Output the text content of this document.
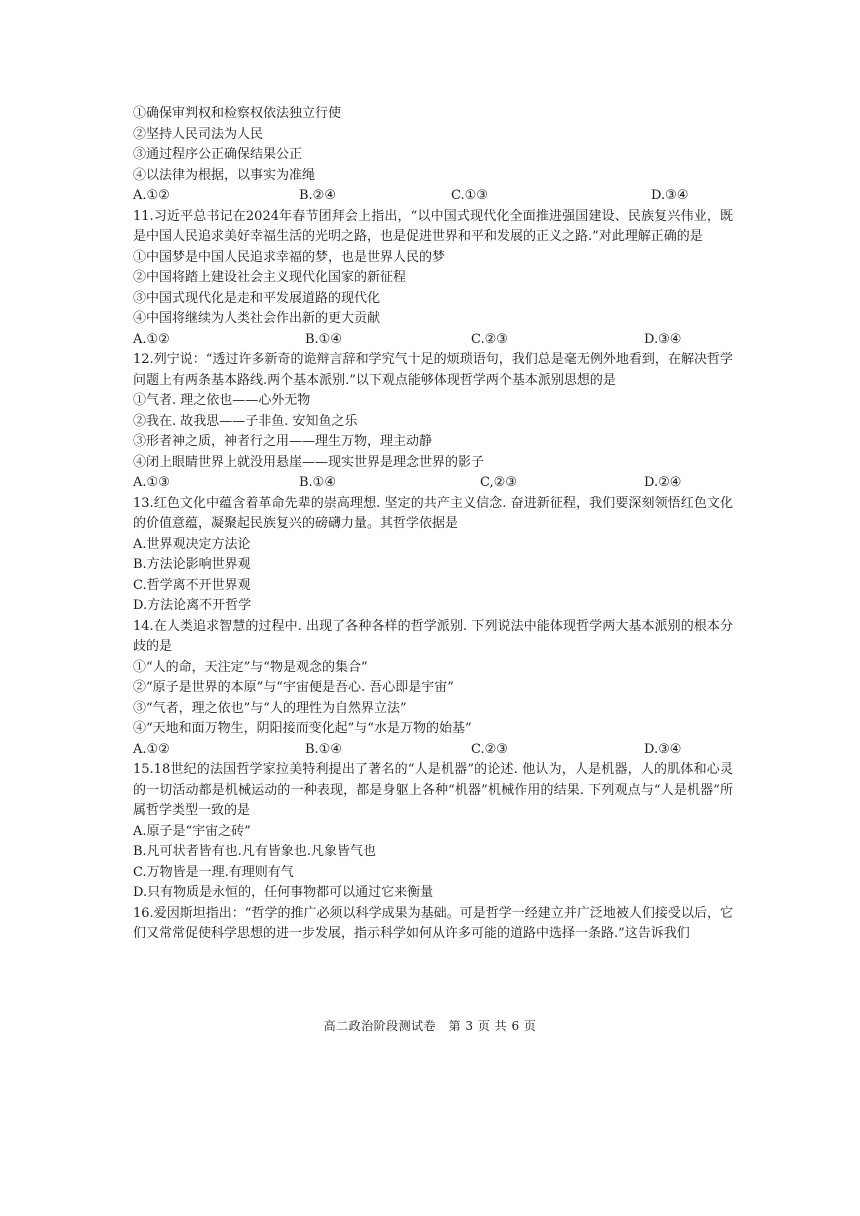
①确保审判权和检察权依法独立行使
②坚持人民司法为人民
③通过程序公正确保结果公正
④以法律为根据，以事实为准绳
A.①②	B.②④	C.①③	D.③④
11.习近平总书记在2024年春节团拜会上指出，“以中国式现代化全面推进强国建设、民族复兴伟业，既是中国人民追求美好幸福生活的光明之路，也是促进世界和平和发展的正义之路.”对此理解正确的是
①中国梦是中国人民追求幸福的梦，也是世界人民的梦
②中国将踏上建设社会主义现代化国家的新征程
③中国式现代化是走和平发展道路的现代化
④中国将继续为人类社会作出新的更大贡献
A.①②	B.①④	C.②③	D.③④
12.列宁说：“透过许多新奇的诡辩言辞和学究气十足的烦琐语句，我们总是毫无例外地看到，在解决哲学问题上有两条基本路线.两个基本派别.”以下观点能够体现哲学两个基本派别思想的是
①气者. 理之依也——心外无物
②我在. 故我思——子非鱼. 安知鱼之乐
③形者神之质，神者行之用——理生万物，理主动静
④闭上眼睛世界上就没用悬崖——现实世界是理念世界的影子
A.①③	B.①④	C,②③	D.②④
13.红色文化中蕴含着革命先辈的崇高理想. 坚定的共产主义信念. 奋进新征程，我们要深刻领悟红色文化的价值意蕴，凝聚起民族复兴的磅礴力量。其哲学依据是
A.世界观决定方法论
B.方法论影响世界观
C.哲学离不开世界观
D.方法论离不开哲学
14.在人类追求智慧的过程中. 出现了各种各样的哲学派别. 下列说法中能体现哲学两大基本派别的根本分歧的是
①“人的命，天注定”与“物是观念的集合”
②“原子是世界的本原”与“宇宙便是吾心. 吾心即是宇宙”
③“气者，理之依也”与“人的理性为自然界立法”
④“天地和面万物生，阴阳接而变化起”与“水是万物的始基”
A.①②	B.①④	C.②③	D.③④
15.18世纪的法国哲学家拉美特利提出了著名的“人是机器”的论述. 他认为，人是机器，人的肌体和心灵的一切活动都是机械运动的一种表现，都是身躯上各种“机器”机械作用的结果. 下列观点与“人是机器”所属哲学类型一致的是
A.原子是“宇宙之砖”
B.凡可状者皆有也.凡有皆象也.凡象皆气也
C.万物皆是一理.有理则有气
D.只有物质是永恒的，任何事物都可以通过它来衡量
16.爱因斯坦指出：“哲学的推广必须以科学成果为基础。可是哲学一经建立并广泛地被人们接受以后，它们又常常促使科学思想的进一步发展，指示科学如何从许多可能的道路中选择一条路.”这告诉我们
高二政治阶段测试卷　第 3 页 共 6 页
